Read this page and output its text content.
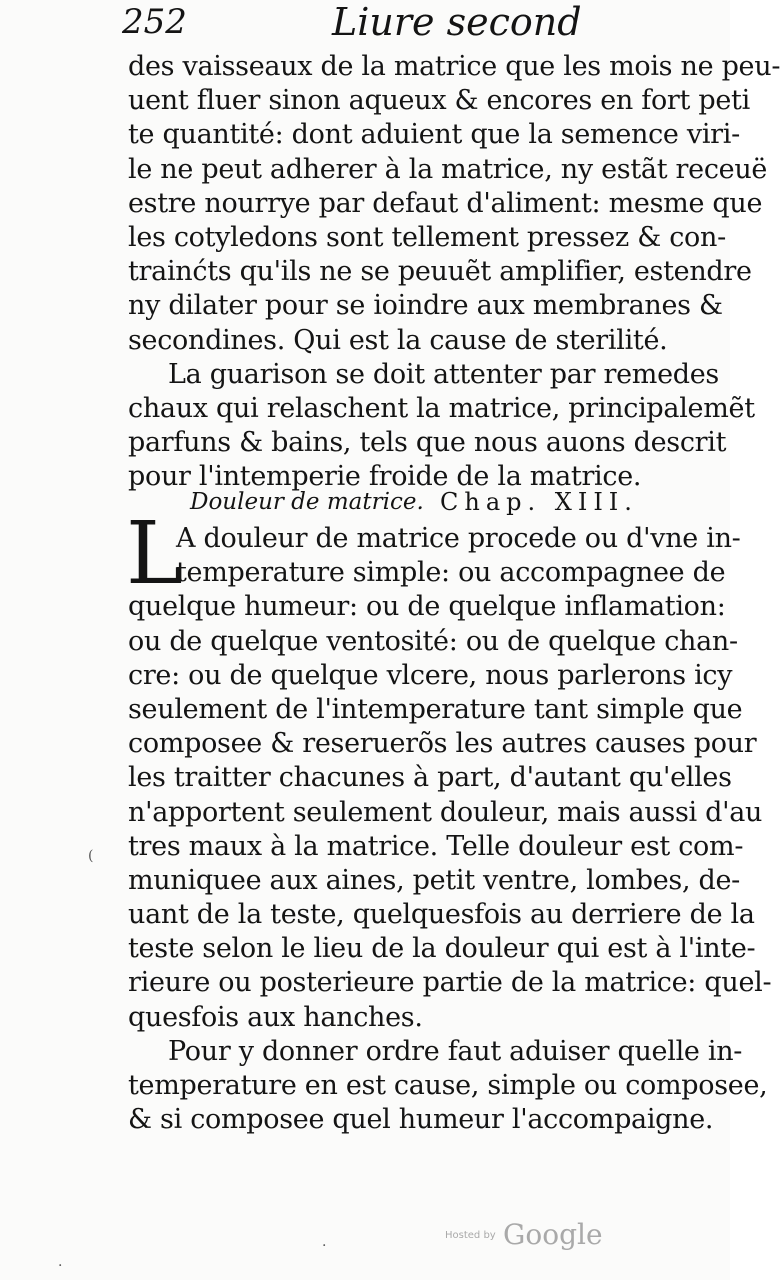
252	Liure second
des vaisseaux de la matrice que les mois ne peu-
uent fluer sinon aqueux & encores en fort peti
te quantité: dont aduient que la semence viri-
le ne peut adherer à la matrice, ny estãt receuë
estre nourrye par defaut d'aliment: mesme que
les cotyledons sont tellement pressez & con-
trainćts qu'ils ne se peuuẽt amplifier, estendre
ny dilater pour se ioindre aux membranes &
secondines. Qui est la cause de sterilité.
La guarison se doit attenter par remedes
chaux qui relaschent la matrice, principalemẽt
parfuns & bains, tels que nous auons descrit
pour l'intemperie froide de la matrice.
Douleur de matrice. Chap. XIII.
L
A douleur de matrice procede ou d'vne in-
temperature simple: ou accompagnee de
quelque humeur: ou de quelque inflamation:
ou de quelque ventosité: ou de quelque chan-
cre: ou de quelque vlcere, nous parlerons icy
seulement de l'intemperature tant simple que
composee & reseruerõs les autres causes pour
les traitter chacunes à part, d'autant qu'elles
n'apportent seulement douleur, mais aussi d'au
tres maux à la matrice. Telle douleur est com-
muniquee aux aines, petit ventre, lombes, de-
uant de la teste, quelquesfois au derriere de la
teste selon le lieu de la douleur qui est à l'inte-
rieure ou posterieure partie de la matrice: quel-
quesfois aux hanches.
Pour y donner ordre faut aduiser quelle in-
temperature en est cause, simple ou composee,
& si composee quel humeur l'accompaigne.
Hosted by Google
(
·
·
